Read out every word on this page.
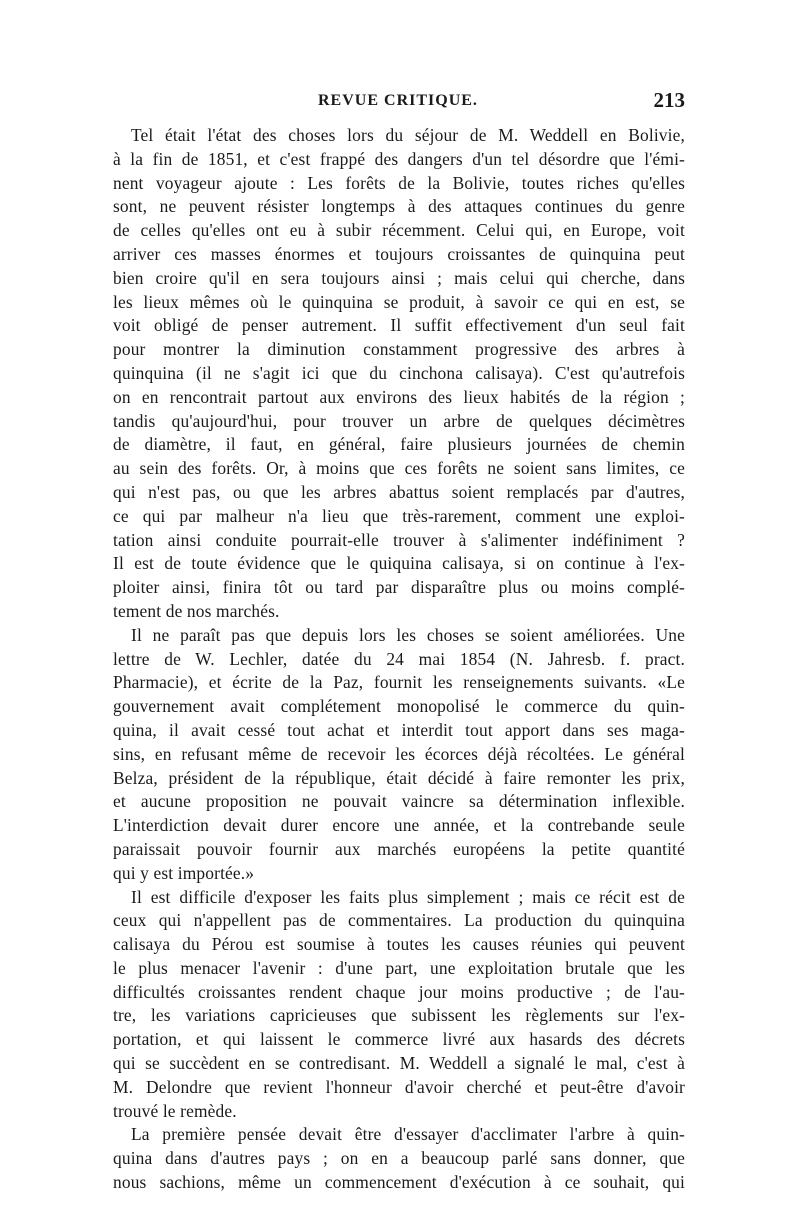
REVUE CRITIQUE.	213
Tel était l'état des choses lors du séjour de M. Weddell en Bolivie,
à la fin de 1851, et c'est frappé des dangers d'un tel désordre que l'émi-
nent voyageur ajoute : Les forêts de la Bolivie, toutes riches qu'elles
sont, ne peuvent résister longtemps à des attaques continues du genre
de celles qu'elles ont eu à subir récemment. Celui qui, en Europe, voit
arriver ces masses énormes et toujours croissantes de quinquina peut
bien croire qu'il en sera toujours ainsi ; mais celui qui cherche, dans
les lieux mêmes où le quinquina se produit, à savoir ce qui en est, se
voit obligé de penser autrement. Il suffit effectivement d'un seul fait
pour montrer la diminution constamment progressive des arbres à
quinquina (il ne s'agit ici que du cinchona calisaya). C'est qu'autrefois
on en rencontrait partout aux environs des lieux habités de la région ;
tandis qu'aujourd'hui, pour trouver un arbre de quelques décimètres
de diamètre, il faut, en général, faire plusieurs journées de chemin
au sein des forêts. Or, à moins que ces forêts ne soient sans limites, ce
qui n'est pas, ou que les arbres abattus soient remplacés par d'autres,
ce qui par malheur n'a lieu que très-rarement, comment une exploi-
tation ainsi conduite pourrait-elle trouver à s'alimenter indéfiniment ?
Il est de toute évidence que le quiquina calisaya, si on continue à l'ex-
ploiter ainsi, finira tôt ou tard par disparaître plus ou moins complé-
tement de nos marchés.
Il ne paraît pas que depuis lors les choses se soient améliorées. Une
lettre de W. Lechler, datée du 24 mai 1854 (N. Jahresb. f. pract.
Pharmacie), et écrite de la Paz, fournit les renseignements suivants. «Le
gouvernement avait complétement monopolisé le commerce du quin-
quina, il avait cessé tout achat et interdit tout apport dans ses maga-
sins, en refusant même de recevoir les écorces déjà récoltées. Le général
Belza, président de la république, était décidé à faire remonter les prix,
et aucune proposition ne pouvait vaincre sa détermination inflexible.
L'interdiction devait durer encore une année, et la contrebande seule
paraissait pouvoir fournir aux marchés européens la petite quantité
qui y est importée.»
Il est difficile d'exposer les faits plus simplement ; mais ce récit est de
ceux qui n'appellent pas de commentaires. La production du quinquina
calisaya du Pérou est soumise à toutes les causes réunies qui peuvent
le plus menacer l'avenir : d'une part, une exploitation brutale que les
difficultés croissantes rendent chaque jour moins productive ; de l'au-
tre, les variations capricieuses que subissent les règlements sur l'ex-
portation, et qui laissent le commerce livré aux hasards des décrets
qui se succèdent en se contredisant. M. Weddell a signalé le mal, c'est à
M. Delondre que revient l'honneur d'avoir cherché et peut-être d'avoir
trouvé le remède.
La première pensée devait être d'essayer d'acclimater l'arbre à quin-
quina dans d'autres pays ; on en a beaucoup parlé sans donner, que
nous sachions, même un commencement d'exécution à ce souhait, qui
